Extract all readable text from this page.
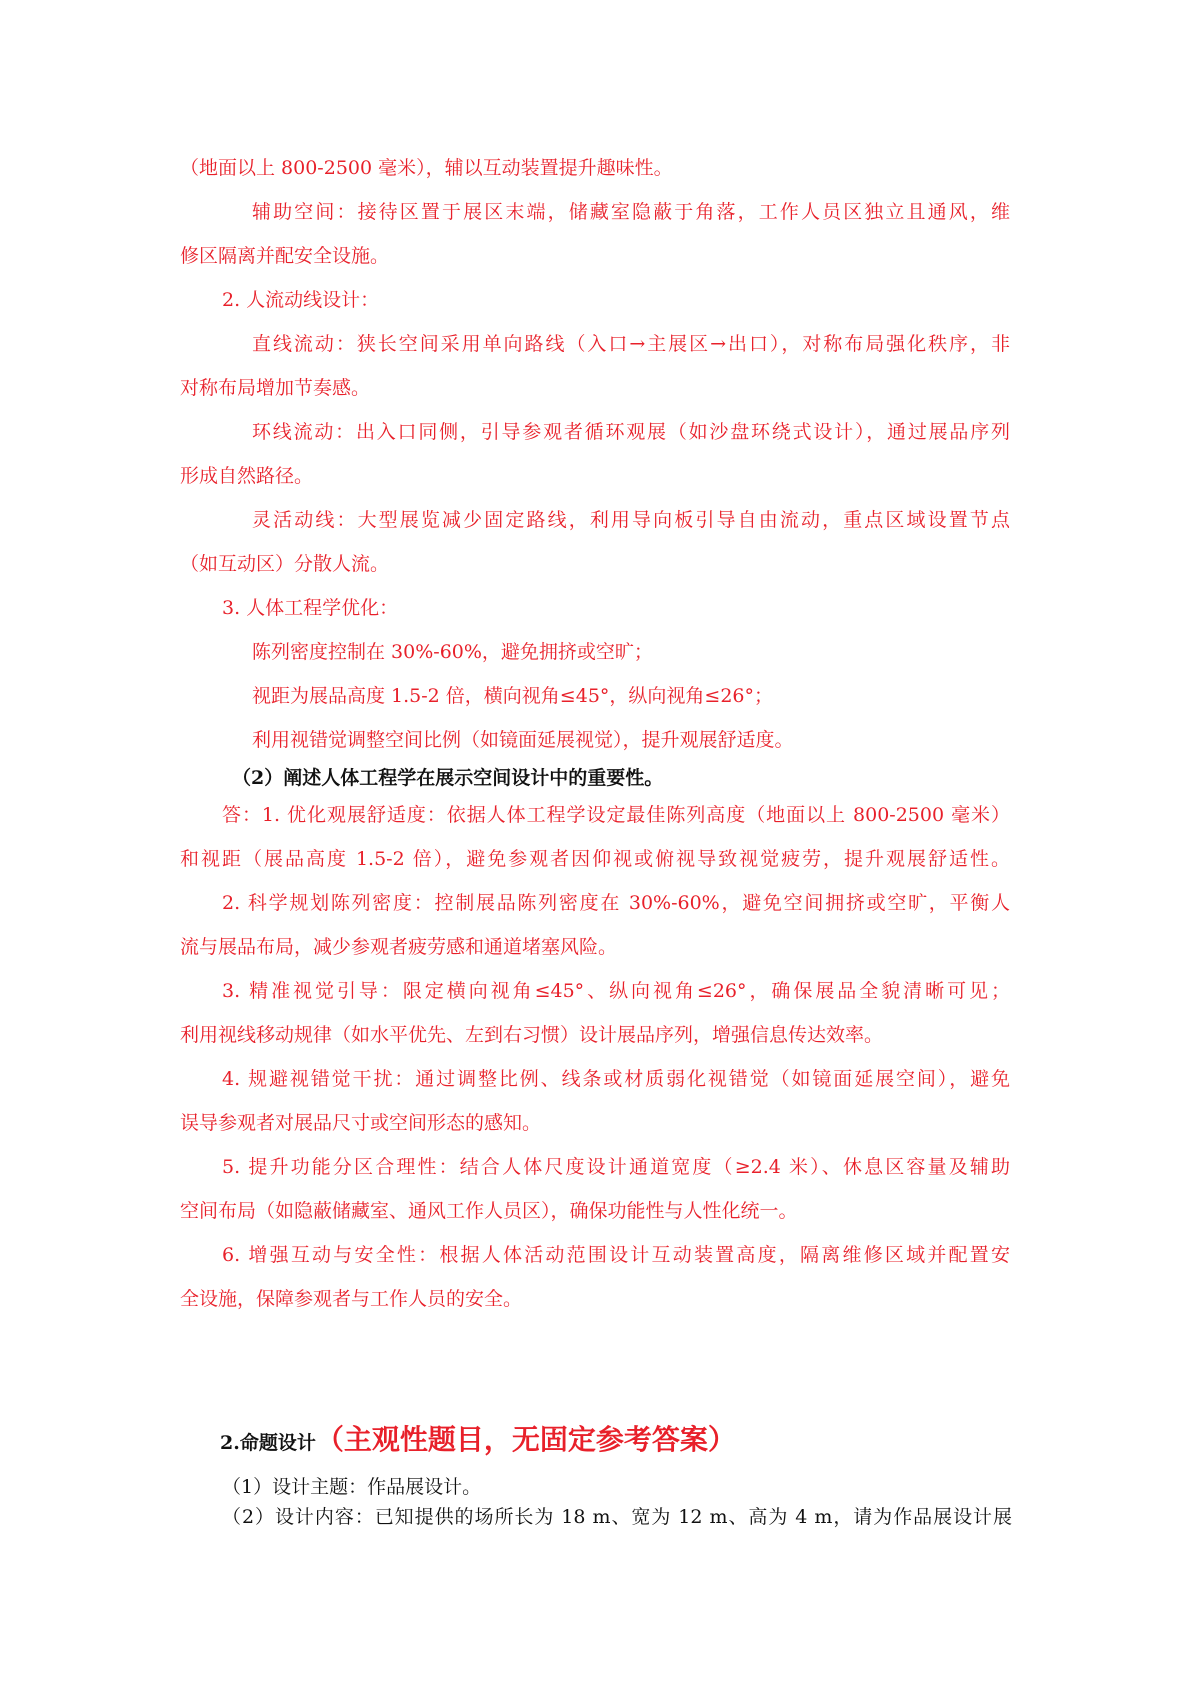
（地面以上 800-2500 毫米），辅以互动装置提升趣味性。

辅助空间：接待区置于展区末端，储藏室隐蔽于角落，工作人员区独立且通风，维

修区隔离并配安全设施。

2. 人流动线设计：

直线流动：狭长空间采用单向路线（入口→主展区→出口），对称布局强化秩序，非

对称布局增加节奏感。

环线流动：出入口同侧，引导参观者循环观展（如沙盘环绕式设计），通过展品序列

形成自然路径。

灵活动线：大型展览减少固定路线，利用导向板引导自由流动，重点区域设置节点

（如互动区）分散人流。

3. 人体工程学优化：

陈列密度控制在 30%-60%，避免拥挤或空旷；

视距为展品高度 1.5-2 倍，横向视角≤45°，纵向视角≤26°；

利用视错觉调整空间比例（如镜面延展视觉），提升观展舒适度。

（2）阐述人体工程学在展示空间设计中的重要性。

答：1. 优化观展舒适度：依据人体工程学设定最佳陈列高度（地面以上 800-2500 毫米）

和视距（展品高度 1.5-2 倍），避免参观者因仰视或俯视导致视觉疲劳，提升观展舒适性。

2. 科学规划陈列密度：控制展品陈列密度在 30%-60%，避免空间拥挤或空旷，平衡人

流与展品布局，减少参观者疲劳感和通道堵塞风险。

3. 精准视觉引导：限定横向视角≤45°、纵向视角≤26°，确保展品全貌清晰可见；

利用视线移动规律（如水平优先、左到右习惯）设计展品序列，增强信息传达效率。

4. 规避视错觉干扰：通过调整比例、线条或材质弱化视错觉（如镜面延展空间），避免

误导参观者对展品尺寸或空间形态的感知。

5. 提升功能分区合理性：结合人体尺度设计通道宽度（≥2.4 米）、休息区容量及辅助

空间布局（如隐蔽储藏室、通风工作人员区），确保功能性与人性化统一。

6. 增强互动与安全性：根据人体活动范围设计互动装置高度，隔离维修区域并配置安

全设施，保障参观者与工作人员的安全。

2.命题设计（主观性题目，无固定参考答案）

（1）设计主题：作品展设计。

（2）设计内容：已知提供的场所长为 18 m、宽为 12 m、高为 4 m，请为作品展设计展
